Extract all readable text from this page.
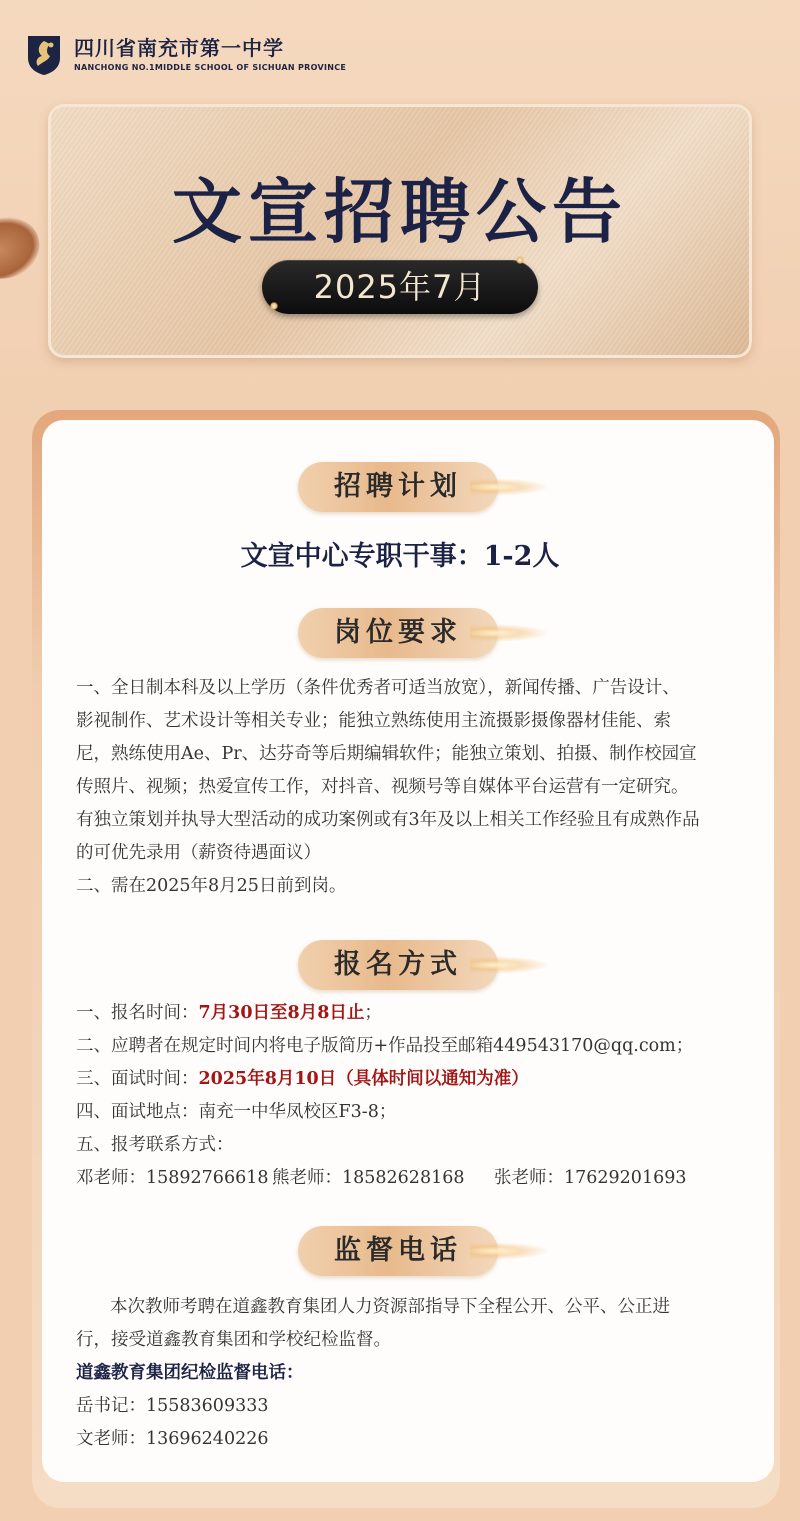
四川省南充市第一中学
NANCHONG NO.1MIDDLE SCHOOL OF SICHUAN PROVINCE
文宣招聘公告
2025年7月
招聘计划
文宣中心专职干事：1-2人
岗位要求
一、全日制本科及以上学历（条件优秀者可适当放宽），新闻传播、广告设计、
影视制作、艺术设计等相关专业；能独立熟练使用主流摄影摄像器材佳能、索
尼，熟练使用Ae、Pr、达芬奇等后期编辑软件；能独立策划、拍摄、制作校园宣
传照片、视频；热爱宣传工作，对抖音、视频号等自媒体平台运营有一定研究。
有独立策划并执导大型活动的成功案例或有3年及以上相关工作经验且有成熟作品
的可优先录用（薪资待遇面议）
二、需在2025年8月25日前到岗。
报名方式
一、报名时间：7月30日至8月8日止；
二、应聘者在规定时间内将电子版简历+作品投至邮箱449543170@qq.com；
三、面试时间：2025年8月10日（具体时间以通知为准）
四、面试地点：南充一中华凤校区F3-8；
五、报考联系方式：
邓老师：15892766618 熊老师：18582628168 张老师：17629201693
监督电话
本次教师考聘在道鑫教育集团人力资源部指导下全程公开、公平、公正进
行，接受道鑫教育集团和学校纪检监督。
道鑫教育集团纪检监督电话：
岳书记：15583609333
文老师：13696240226
